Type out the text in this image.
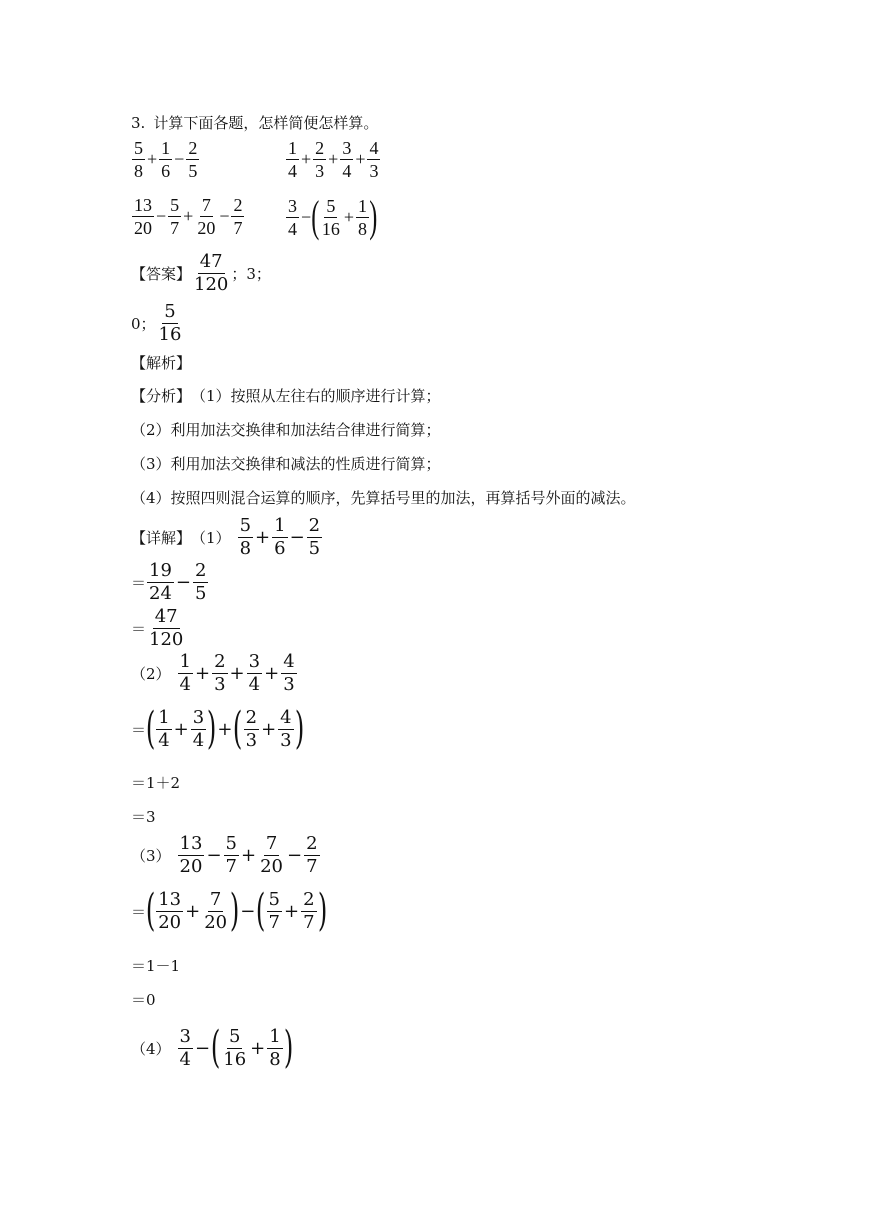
3. 计算下面各题，怎样简便怎样算。
$\frac{5}{8} + \frac{1}{6} - \frac{2}{5}$	$\frac{1}{4} + \frac{2}{3} + \frac{3}{4} + \frac{4}{3}$
$\frac{13}{20} - \frac{5}{7} + \frac{7}{20} - \frac{2}{7} \frac{3}{4}$ − ( $\frac{5}{16} + \frac{1}{8}$ )
【答案】 $\frac{47}{120}$ ；3；
0； $\frac{5}{16}$
【解析】
【分析】 （1）按照从左往右的顺序进行计算；
（2）利用加法交换律和加法结合律进行简算；
（3）利用加法交换律和减法的性质进行简算；
（4）按照四则混合运算的顺序，先算括号里的加法，再算括号外面的减法。
【详解】 $(1) \frac{5}{8} + \frac{1}{6} - \frac{2}{5}$
＝ $\frac{19}{24} - \frac{2}{5}$
＝ $\frac{47}{120}$
$(2) \frac{1}{4} + \frac{2}{3} + \frac{3}{4} + \frac{4}{3}$
＝ ( $\frac{1}{4} + \frac{3}{4}$ ) + ( $\frac{2}{3} + \frac{4}{3}$ )
＝1＋2
＝3
$(3) \frac{13}{20} - \frac{5}{7} + \frac{7}{20} - \frac{2}{7}$
＝ ( $\frac{13}{20} + \frac{7}{20}$ ) − ( $\frac{5}{7} + \frac{2}{7}$ )
＝1－1
＝0
$(4) \frac{3}{4}$ − ( $\frac{5}{16} + \frac{1}{8}$ )
